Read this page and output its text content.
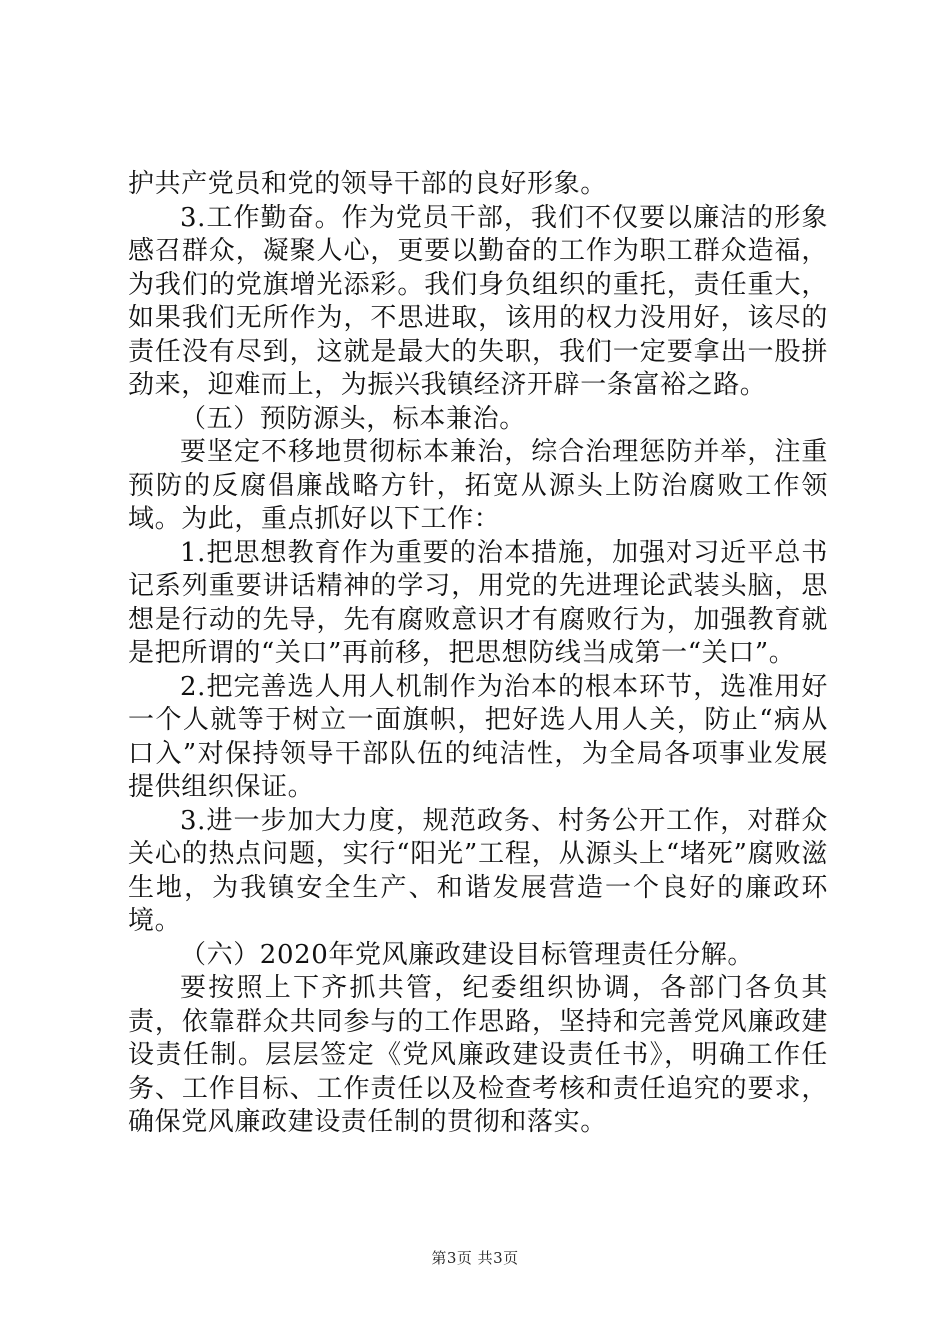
护共产党员和党的领导干部的良好形象。

3.工作勤奋。作为党员干部，我们不仅要以廉洁的形象感召群众，凝聚人心，更要以勤奋的工作为职工群众造福，为我们的党旗增光添彩。我们身负组织的重托，责任重大，如果我们无所作为，不思进取，该用的权力没用好，该尽的责任没有尽到，这就是最大的失职，我们一定要拿出一股拼劲来，迎难而上，为振兴我镇经济开辟一条富裕之路。

（五）预防源头，标本兼治。

要坚定不移地贯彻标本兼治，综合治理惩防并举，注重预防的反腐倡廉战略方针，拓宽从源头上防治腐败工作领域。为此，重点抓好以下工作：

1.把思想教育作为重要的治本措施，加强对习近平总书记系列重要讲话精神的学习，用党的先进理论武装头脑，思想是行动的先导，先有腐败意识才有腐败行为，加强教育就是把所谓的“关口”再前移，把思想防线当成第一“关口”。

2.把完善选人用人机制作为治本的根本环节，选准用好一个人就等于树立一面旗帜，把好选人用人关，防止“病从口入”对保持领导干部队伍的纯洁性，为全局各项事业发展提供组织保证。

3.进一步加大力度，规范政务、村务公开工作，对群众关心的热点问题，实行“阳光”工程，从源头上“堵死”腐败滋生地，为我镇安全生产、和谐发展营造一个良好的廉政环境。

（六）2020年党风廉政建设目标管理责任分解。

要按照上下齐抓共管，纪委组织协调，各部门各负其责，依靠群众共同参与的工作思路，坚持和完善党风廉政建设责任制。层层签定《党风廉政建设责任书》，明确工作任务、工作目标、工作责任以及检查考核和责任追究的要求，确保党风廉政建设责任制的贯彻和落实。

第3页 共3页
